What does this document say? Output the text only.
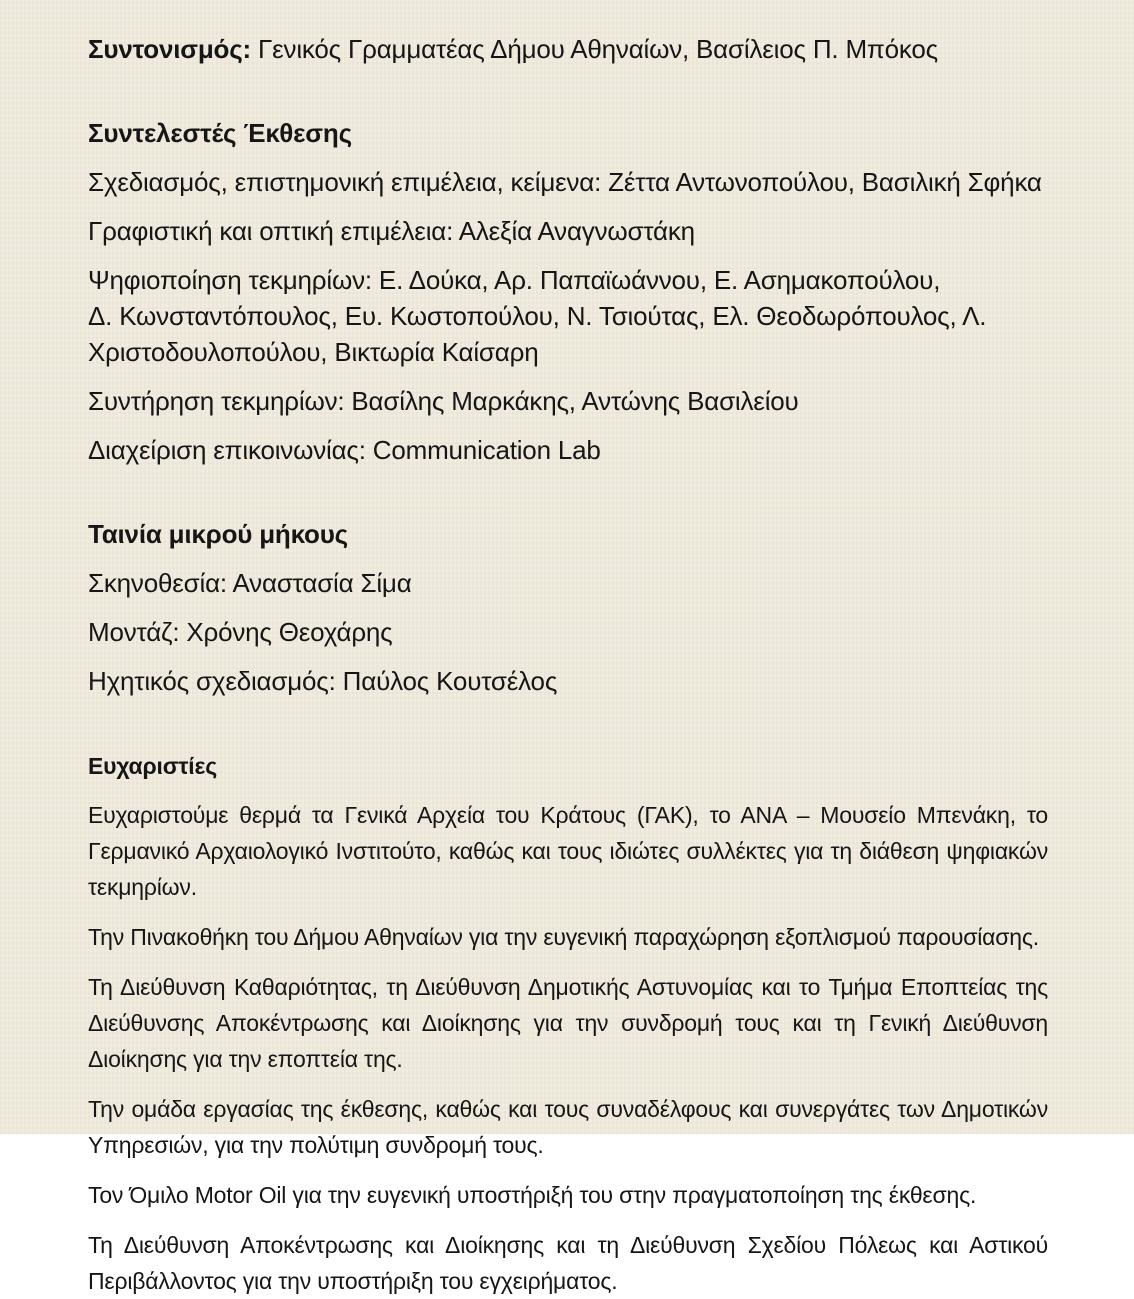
Συντονισμός: Γενικός Γραμματέας Δήμου Αθηναίων, Βασίλειος Π. Μπόκος
Συντελεστές Έκθεσης
Σχεδιασμός, επιστημονική επιμέλεια, κείμενα: Ζέττα Αντωνοπούλου, Βασιλική Σφήκα
Γραφιστική και οπτική επιμέλεια: Αλεξία Αναγνωστάκη
Ψηφιοποίηση τεκμηρίων: Ε. Δούκα, Αρ. Παπαϊωάννου, Ε. Ασημακοπούλου,
Δ. Κωνσταντόπουλος, Ευ. Κωστοπούλου, Ν. Τσιούτας, Ελ. Θεοδωρόπουλος, Λ.
Χριστοδουλοπούλου, Βικτωρία Καίσαρη
Συντήρηση τεκμηρίων: Βασίλης Μαρκάκης, Αντώνης Βασιλείου
Διαχείριση επικοινωνίας: Communication Lab
Ταινία μικρού μήκους
Σκηνοθεσία: Αναστασία Σίμα
Μοντάζ: Χρόνης Θεοχάρης
Ηχητικός σχεδιασμός: Παύλος Κουτσέλος
Ευχαριστίες
Ευχαριστούμε θερμά τα Γενικά Αρχεία του Κράτους (ΓΑΚ), το ΑΝΑ – Μουσείο Μπενάκη, το Γερμανικό Αρχαιολογικό Ινστιτούτο, καθώς και τους ιδιώτες συλλέκτες για τη διάθεση ψηφιακών τεκμηρίων.
Την Πινακοθήκη του Δήμου Αθηναίων για την ευγενική παραχώρηση εξοπλισμού παρουσίασης.
Τη Διεύθυνση Καθαριότητας, τη Διεύθυνση Δημοτικής Αστυνομίας και το Τμήμα Εποπτείας της Διεύθυνσης Αποκέντρωσης και Διοίκησης για την συνδρομή τους και τη Γενική Διεύθυνση Διοίκησης για την εποπτεία της.
Την ομάδα εργασίας της έκθεσης, καθώς και τους συναδέλφους και συνεργάτες των Δημοτικών Υπηρεσιών, για την πολύτιμη συνδρομή τους.
Τον Όμιλο Motor Oil για την ευγενική υποστήριξή του στην πραγματοποίηση της έκθεσης.
Τη Διεύθυνση Αποκέντρωσης και Διοίκησης και τη Διεύθυνση Σχεδίου Πόλεως και Αστικού Περιβάλλοντος για την υποστήριξη του εγχειρήματος.
